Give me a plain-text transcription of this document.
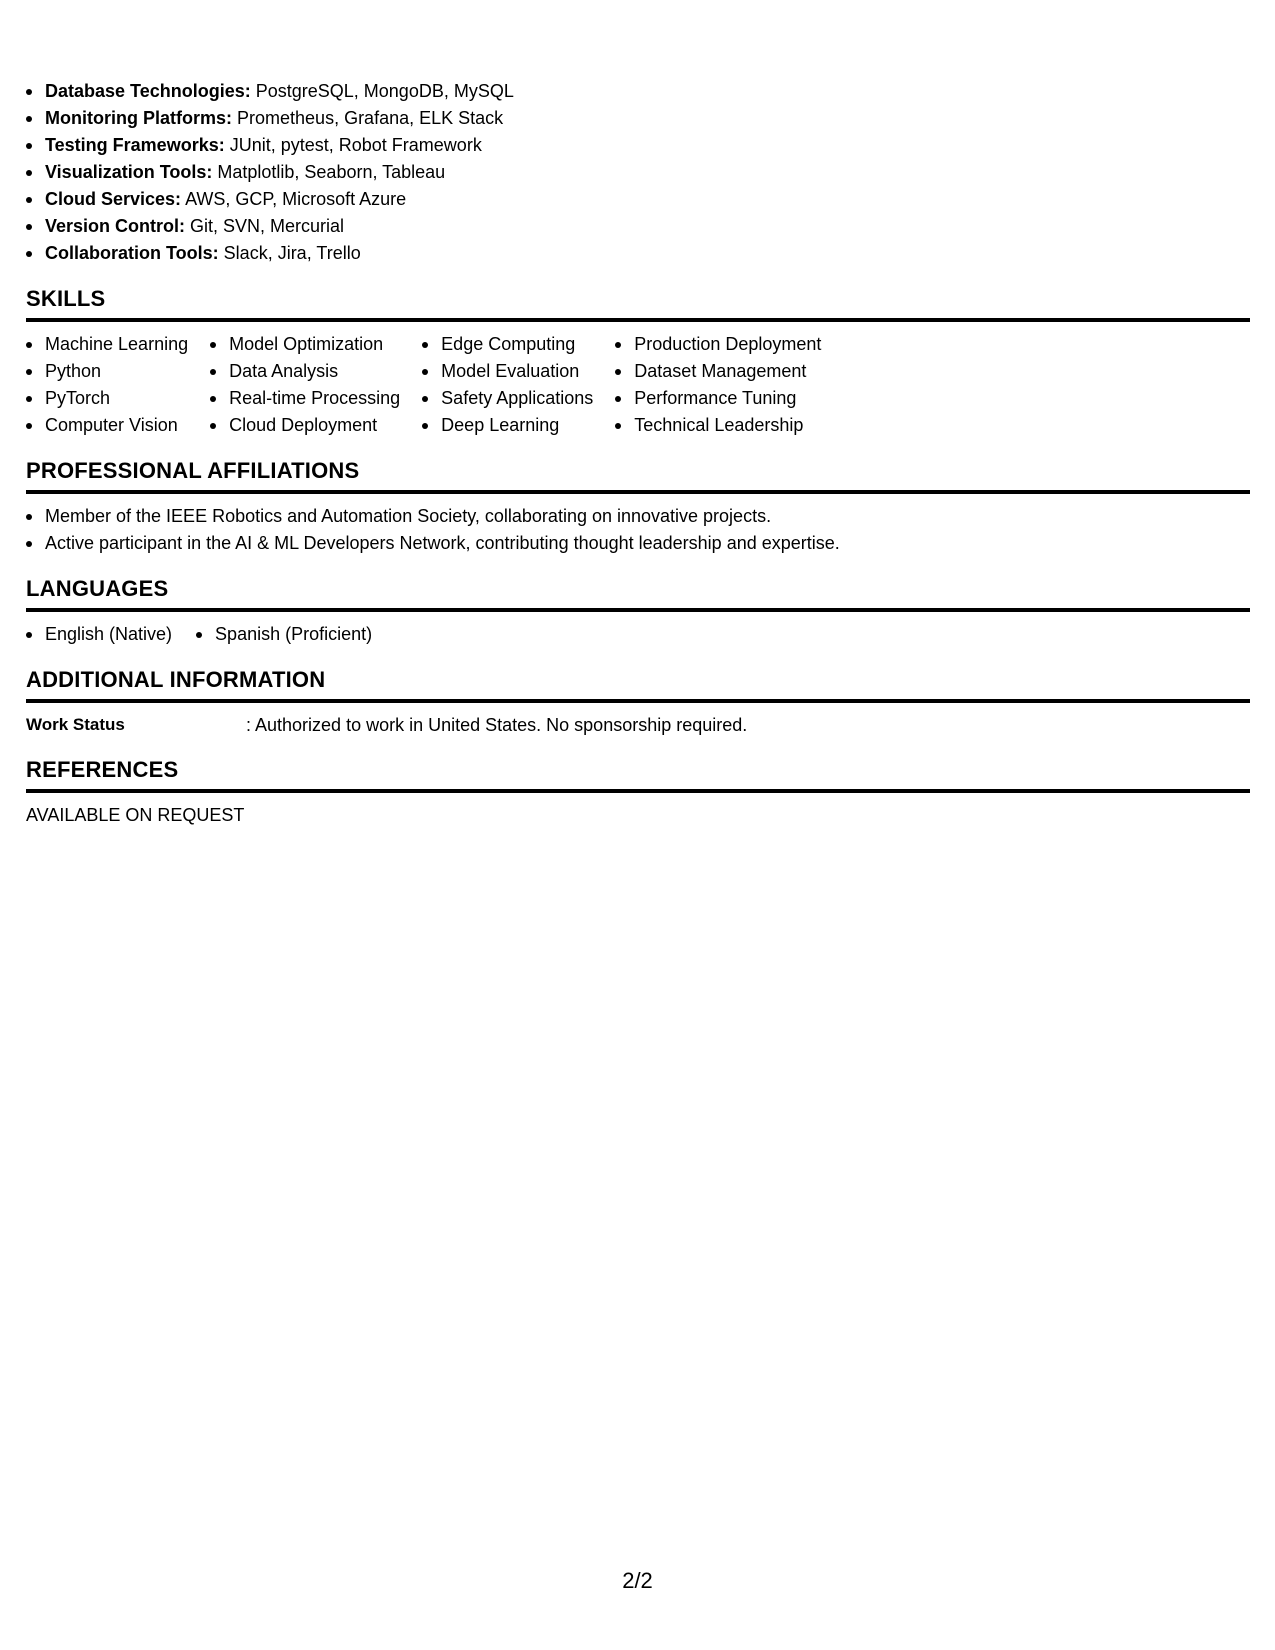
Database Technologies: PostgreSQL, MongoDB, MySQL
Monitoring Platforms: Prometheus, Grafana, ELK Stack
Testing Frameworks: JUnit, pytest, Robot Framework
Visualization Tools: Matplotlib, Seaborn, Tableau
Cloud Services: AWS, GCP, Microsoft Azure
Version Control: Git, SVN, Mercurial
Collaboration Tools: Slack, Jira, Trello
SKILLS
Machine Learning
Python
PyTorch
Computer Vision
Model Optimization
Data Analysis
Real-time Processing
Cloud Deployment
Edge Computing
Model Evaluation
Safety Applications
Deep Learning
Production Deployment
Dataset Management
Performance Tuning
Technical Leadership
PROFESSIONAL AFFILIATIONS
Member of the IEEE Robotics and Automation Society, collaborating on innovative projects.
Active participant in the AI & ML Developers Network, contributing thought leadership and expertise.
LANGUAGES
English (Native)	Spanish (Proficient)
ADDITIONAL INFORMATION
Work Status	: Authorized to work in United States. No sponsorship required.
REFERENCES
AVAILABLE ON REQUEST
2/2
